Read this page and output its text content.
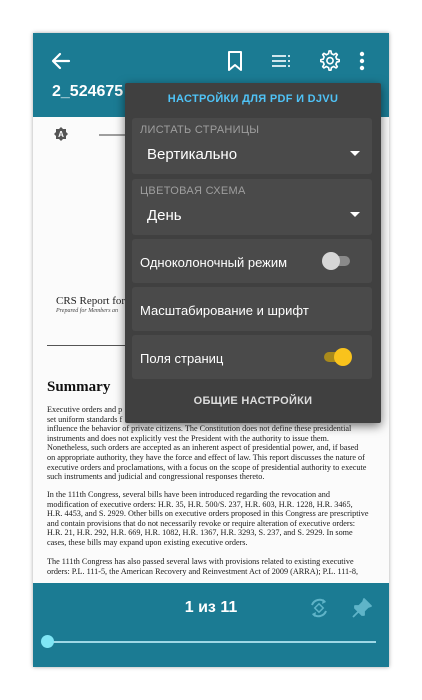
A
CRS Report for
Prepared for Members an
Summary

Executive orders and p

set uniform standards f

influence the behavior of private citizens. The Constitution does not define these presidential

instruments and does not explicitly vest the President with the authority to issue them.

Nonetheless, such orders are accepted as an inherent aspect of presidential power, and, if based

on appropriate authority, they have the force and effect of law. This report discusses the nature of

executive orders and proclamations, with a focus on the scope of presidential authority to execute

such instruments and judicial and congressional responses thereto.

In the 111th Congress, several bills have been introduced regarding the revocation and

modification of executive orders: H.R. 35, H.R. 500/S. 237, H.R. 603, H.R. 1228, H.R. 3465,

H.R. 4453, and S. 2929. Other bills on executive orders proposed in this Congress are prescriptive

and contain provisions that do not necessarily revoke or require alteration of executive orders:

H.R. 21, H.R. 292, H.R. 669, H.R. 1082, H.R. 1367, H.R. 3293, S. 237, and S. 2929. In some

cases, these bills may expand upon existing executive orders.

The 111th Congress has also passed several laws with provisions related to existing executive

orders: P.L. 111-5, the American Recovery and Reinvestment Act of 2009 (ARRA); P.L. 111-8,

2_524675
1 из 11
НАСТРОЙКИ ДЛЯ PDF И DJVU
ЛИСТАТЬ СТРАНИЦЫ
Вертикально
ЦВЕТОВАЯ СХЕМА
День
Одноколоночный режим
Масштабирование и шрифт
Поля страниц
ОБЩИЕ НАСТРОЙКИ
